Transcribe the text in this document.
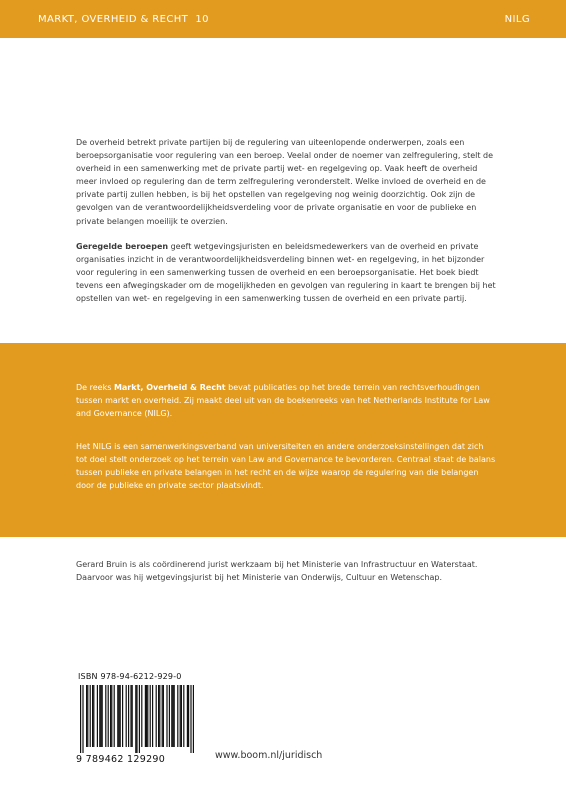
MARKT, OVERHEID & RECHT  10	NILG

De overheid betrekt private partijen bij de regulering van uiteenlopende onderwerpen, zoals een beroepsorganisatie voor regulering van een beroep. Veelal onder de noemer van zelfregulering, stelt de overheid in een samenwerking met de private partij wet- en regelgeving op. Vaak heeft de overheid meer invloed op regulering dan de term zelfregulering veronderstelt. Welke invloed de overheid en de private partij zullen hebben, is bij het opstellen van regelgeving nog weinig doorzichtig. Ook zijn de gevolgen van de verantwoordelijkheidsverdeling voor de private organisatie en voor de publieke en private belangen moeilijk te overzien.

Geregelde beroepen geeft wetgevingsjuristen en beleidsmedewerkers van de overheid en private organisaties inzicht in de verantwoordelijkheidsverdeling binnen wet- en regelgeving, in het bijzonder voor regulering in een samenwerking tussen de overheid en een beroepsorganisatie. Het boek biedt tevens een afwegingskader om de mogelijkheden en gevolgen van regulering in kaart te brengen bij het opstellen van wet- en regelgeving in een samenwerking tussen de overheid en een private partij.

De reeks Markt, Overheid & Recht bevat publicaties op het brede terrein van rechtsverhoudingen tussen markt en overheid. Zij maakt deel uit van de boekenreeks van het Netherlands Institute for Law and Governance (NILG).

Het NILG is een samenwerkingsverband van universiteiten en andere onderzoeksinstellingen dat zich tot doel stelt onderzoek op het terrein van Law and Governance te bevorderen. Centraal staat de balans tussen publieke en private belangen in het recht en de wijze waarop de regulering van die belangen door de publieke en private sector plaatsvindt.

Gerard Bruin is als coördinerend jurist werkzaam bij het Ministerie van Infrastructuur en Waterstaat. Daarvoor was hij wetgevingsjurist bij het Ministerie van Onderwijs, Cultuur en Wetenschap.

ISBN 978-94-6212-929-0
9 789462 129290	www.boom.nl/juridisch
